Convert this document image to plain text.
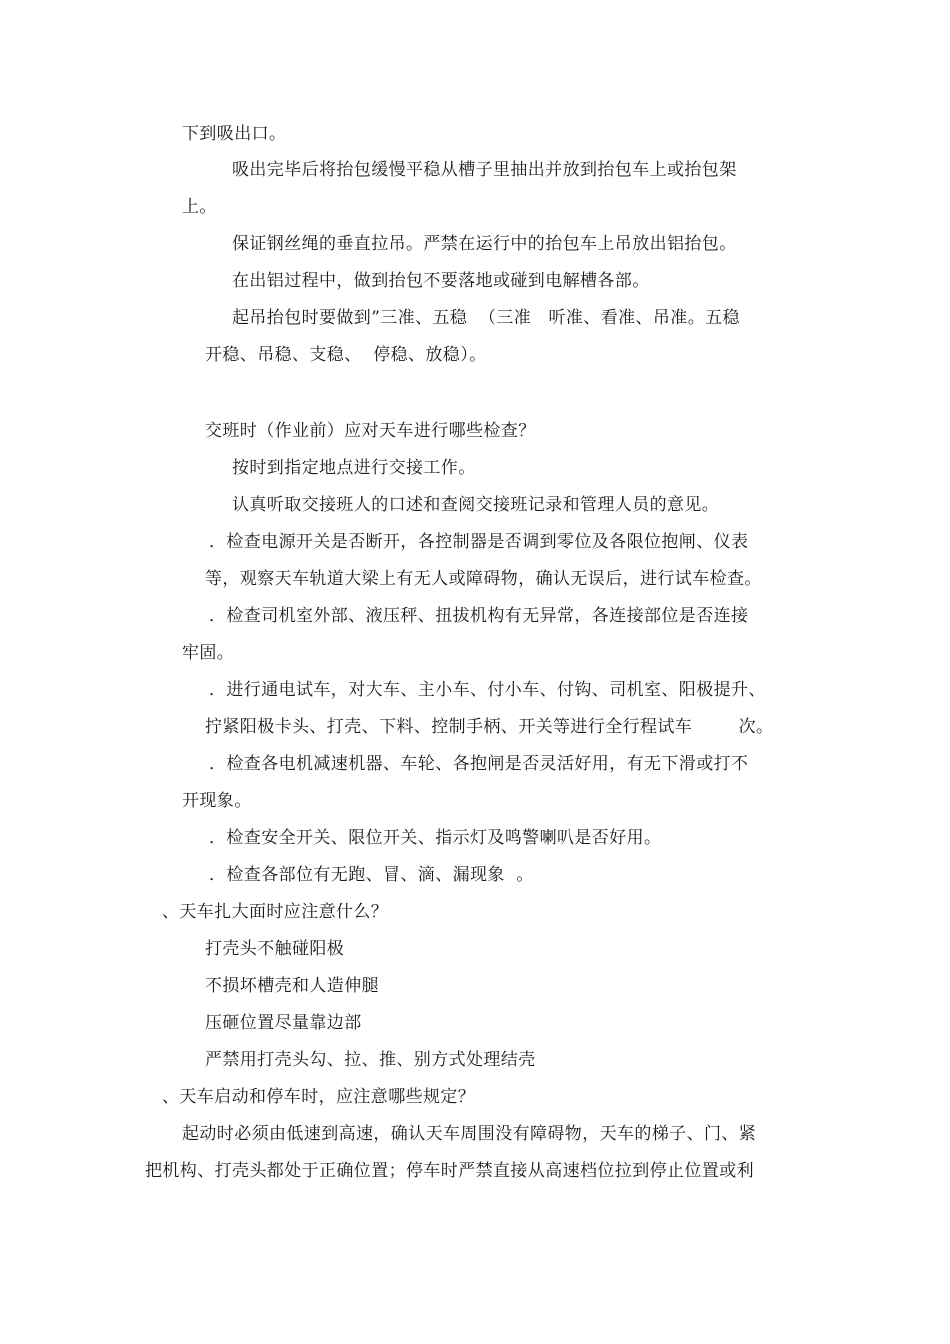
下到吸出口。
吸出完毕后将抬包缓慢平稳从槽子里抽出并放到抬包车上或抬包架
上。
保证钢丝绳的垂直拉吊。严禁在运行中的抬包车上吊放出铝抬包。
在出铝过程中，做到抬包不要落地或碰到电解槽各部。
起吊抬包时要做到”三准、五稳  （三准   听准、看准、吊准。五稳
开稳、吊稳、支稳、  停稳、放稳）。
交班时（作业前）应对天车进行哪些检查？
按时到指定地点进行交接工作。
认真听取交接班人的口述和查阅交接班记录和管理人员的意见。
．检查电源开关是否断开，各控制器是否调到零位及各限位抱闸、仪表
等，观察天车轨道大梁上有无人或障碍物，确认无误后，进行试车检查。
．检查司机室外部、液压秤、扭拔机构有无异常，各连接部位是否连接
牢固。
．进行通电试车，对大车、主小车、付小车、付钩、司机室、阳极提升、
拧紧阳极卡头、打壳、下料、控制手柄、开关等进行全行程试车        次。
．检查各电机减速机器、车轮、各抱闸是否灵活好用，有无下滑或打不
开现象。
．检查安全开关、限位开关、指示灯及鸣警喇叭是否好用。
．检查各部位有无跑、冒、滴、漏现象  。
、天车扎大面时应注意什么？
打壳头不触碰阳极
不损坏槽壳和人造伸腿
压砸位置尽量靠边部
严禁用打壳头勾、拉、推、别方式处理结壳
、天车启动和停车时，应注意哪些规定？
起动时必须由低速到高速，确认天车周围没有障碍物，天车的梯子、门、紧
把机构、打壳头都处于正确位置；停车时严禁直接从高速档位拉到停止位置或利
